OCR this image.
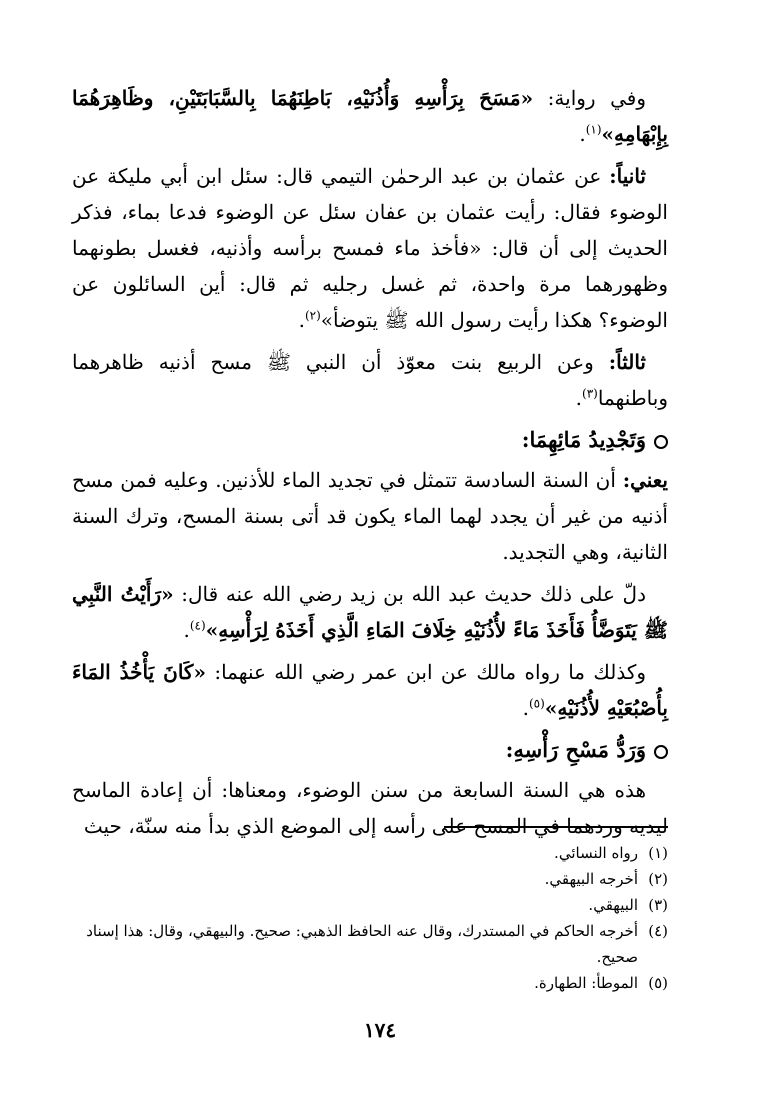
وفي رواية: «مَسَحَ بِرَأْسِهِ وَأُذُنَيْهِ، بَاطِنَهُمَا بِالسَّبَابَتَيْنِ، وظَاهِرَهُمَا بِإِبْهَامِهِ»$^{(١)}$.

ثانياً: عن عثمان بن عبد الرحمٰن التيمي قال: سئل ابن أبي مليكة عن الوضوء فقال: رأيت عثمان بن عفان سئل عن الوضوء فدعا بماء، فذكر الحديث إلى أن قال: «فأخذ ماء فمسح برأسه وأذنيه، فغسل بطونهما وظهورهما مرة واحدة، ثم غسل رجليه ثم قال: أين السائلون عن الوضوء؟ هكذا رأيت رسول الله ﷺ يتوضأ»$^{(٢)}$.

ثالثاً: وعن الربيع بنت معوّذ أن النبي ﷺ مسح أذنيه ظاهرهما وباطنهما$^{(٣)}$.

وَتَجْدِيدُ مَائِهِمَا:

يعني: أن السنة السادسة تتمثل في تجديد الماء للأذنين. وعليه فمن مسح أذنيه من غير أن يجدد لهما الماء يكون قد أتى بسنة المسح، وترك السنة الثانية، وهي التجديد.

دلّ على ذلك حديث عبد الله بن زيد رضي الله عنه قال: «رَأَيْتُ النَّبِي ﷺ يَتَوَضَّأُ فَأَخَذَ مَاءً لأُذُنَيْهِ خِلَافَ المَاءِ الَّذِي أَخَذَهُ لِرَأْسِهِ»$^{(٤)}$.

وكذلك ما رواه مالك عن ابن عمر رضي الله عنهما: «كَانَ يَأْخُذُ المَاءَ بِأُصْبُعَيْهِ لأُذُنَيْهِ»$^{(٥)}$.

وَرَدُّ مَسْحِ رَأْسِهِ:

هذه هي السنة السابعة من سنن الوضوء، ومعناها: أن إعادة الماسح ليديه وردهما في المسح على رأسه إلى الموضع الذي بدأ منه سنّة، حيث

(١)
رواه النسائي.
(٢)
أخرجه البيهقي.
(٣)
البيهقي.
(٤)
أخرجه الحاكم في المستدرك، وقال عنه الحافظ الذهبي: صحيح. والبيهقي، وقال: هذا إسناد صحيح.
(٥)
الموطأ: الطهارة.
١٧٤
